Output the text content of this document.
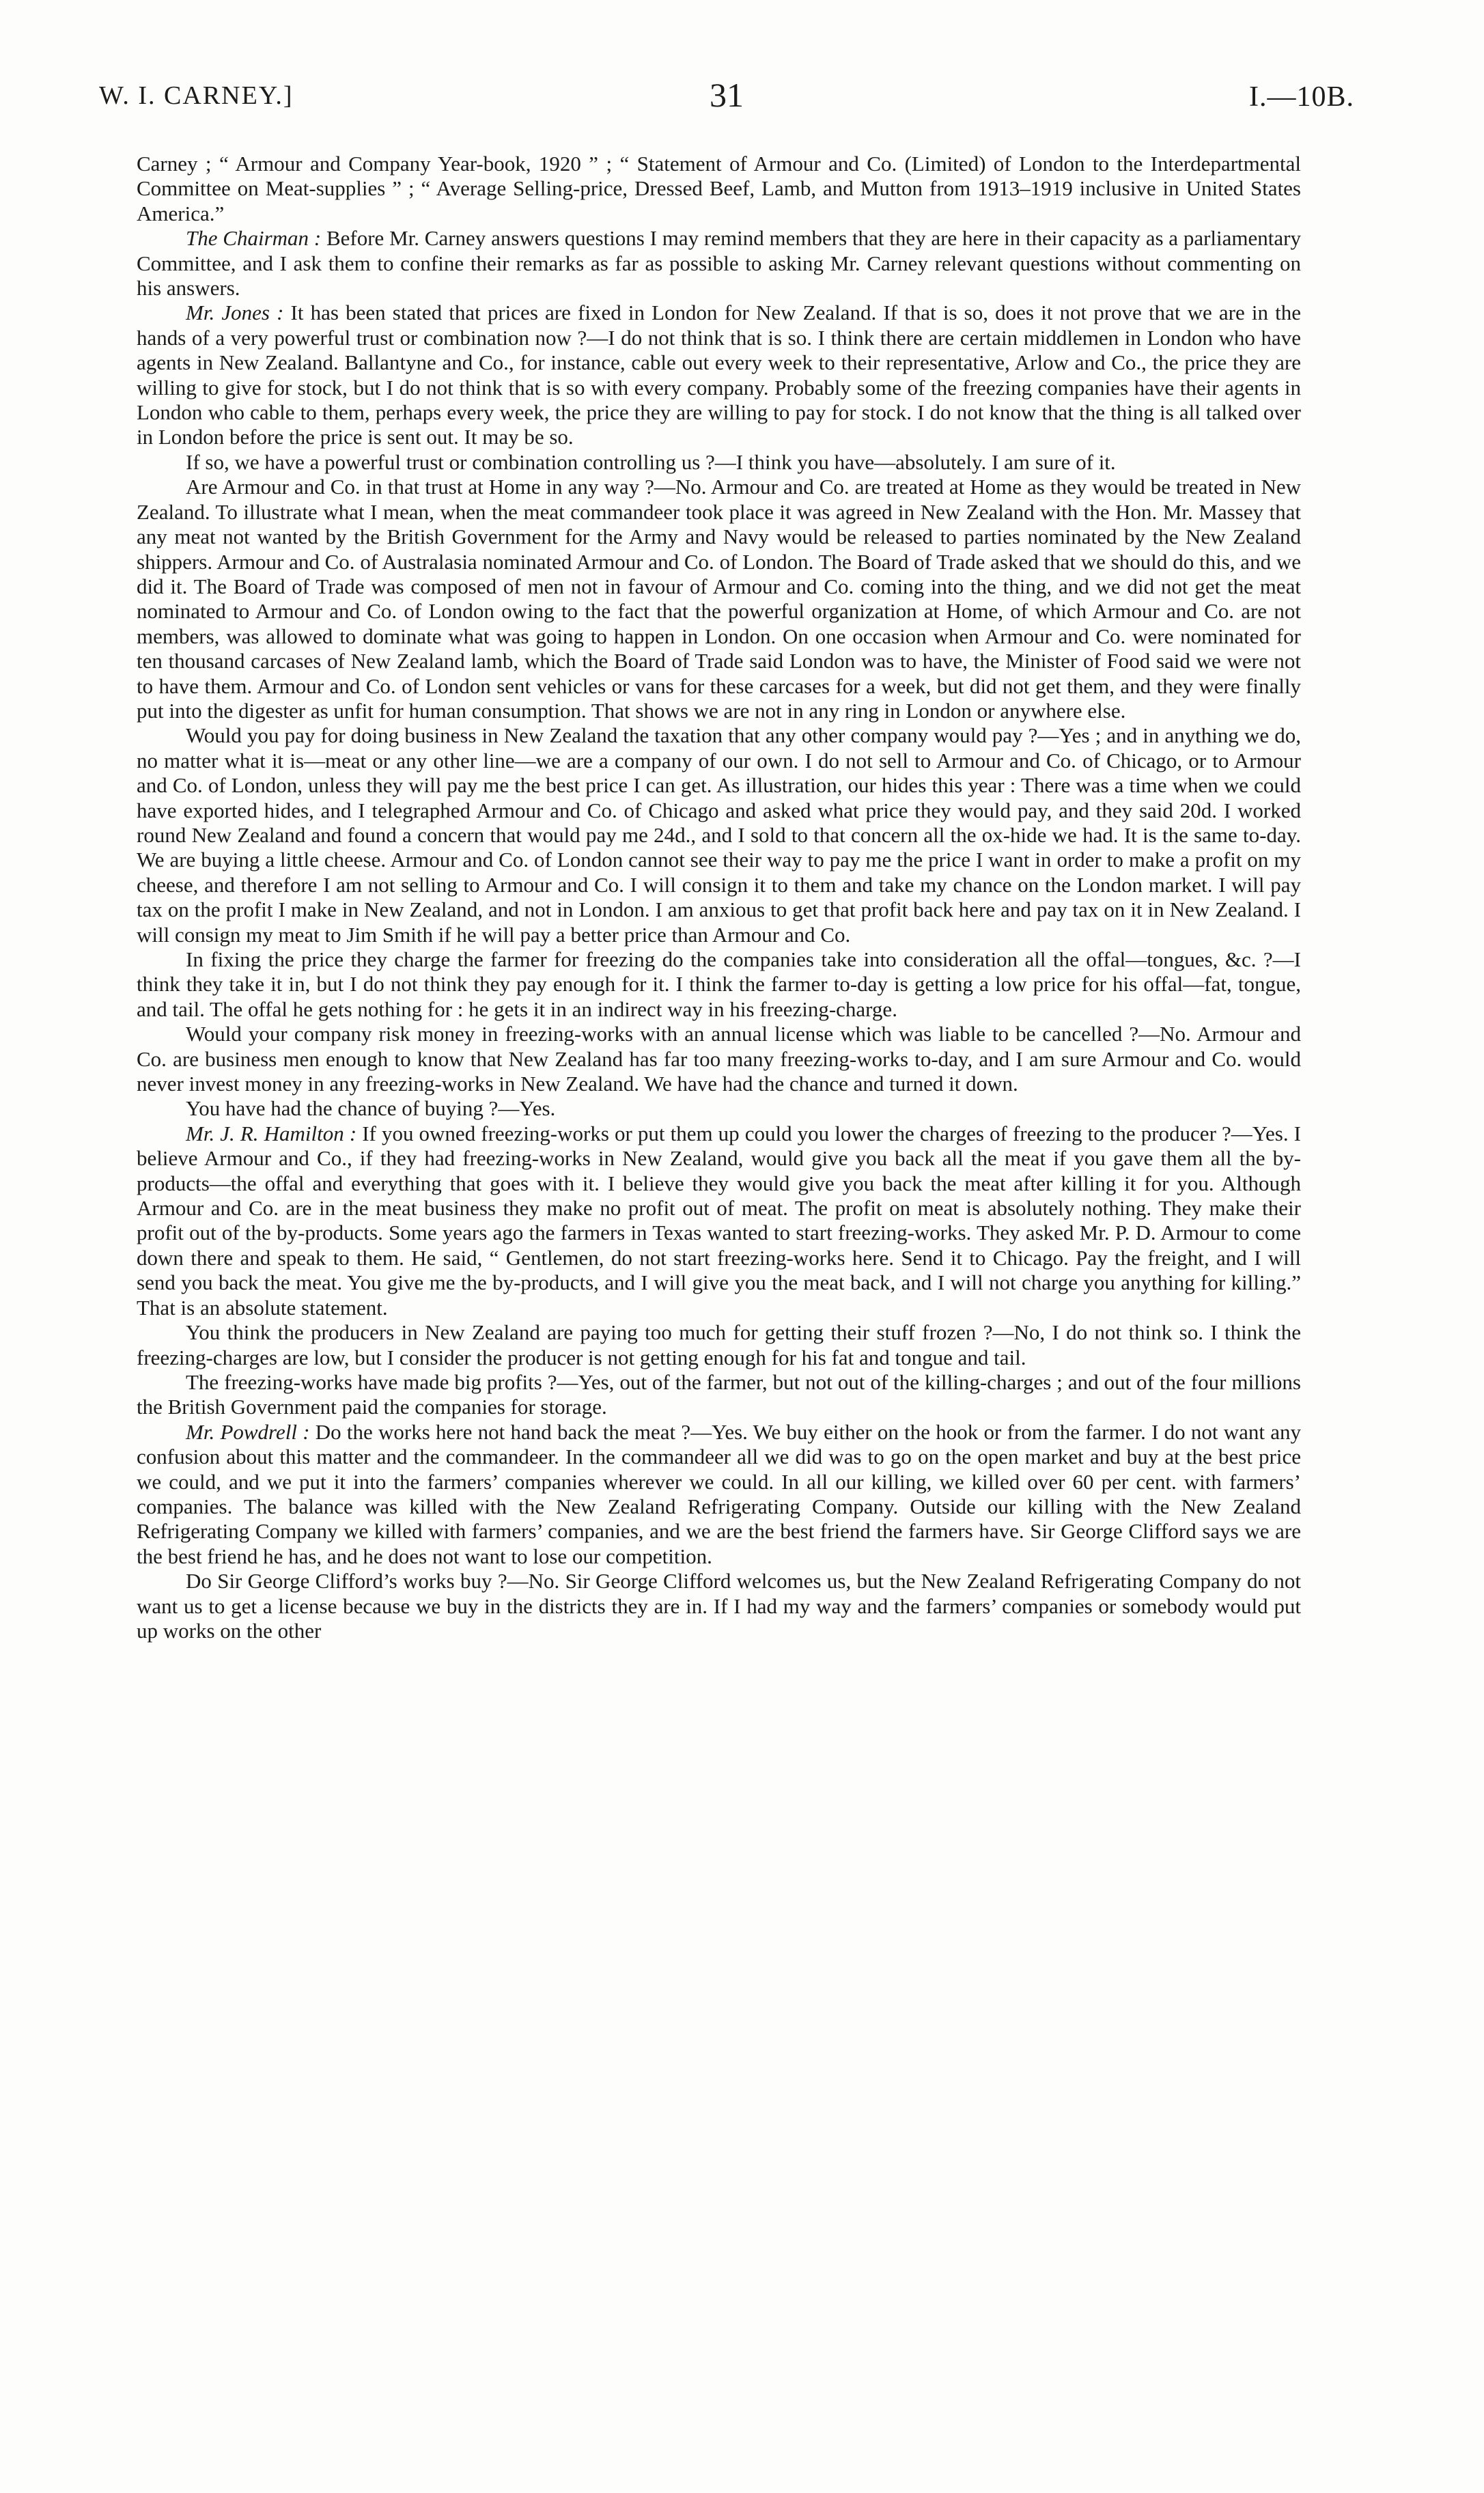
W. I. CARNEY.]	31	I.—10B.

Carney ; “ Armour and Company Year-book, 1920 ” ; “ Statement of Armour and Co. (Limited) of London to the Interdepartmental Committee on Meat-supplies ” ; “ Average Selling-price, Dressed Beef, Lamb, and Mutton from 1913–1919 inclusive in United States America.”

The Chairman : Before Mr. Carney answers questions I may remind members that they are here in their capacity as a parliamentary Committee, and I ask them to confine their remarks as far as possible to asking Mr. Carney relevant questions without commenting on his answers.

Mr. Jones : It has been stated that prices are fixed in London for New Zealand. If that is so, does it not prove that we are in the hands of a very powerful trust or combination now ?—I do not think that is so. I think there are certain middlemen in London who have agents in New Zealand. Ballantyne and Co., for instance, cable out every week to their representative, Arlow and Co., the price they are willing to give for stock, but I do not think that is so with every company. Probably some of the freezing companies have their agents in London who cable to them, perhaps every week, the price they are willing to pay for stock. I do not know that the thing is all talked over in London before the price is sent out. It may be so.

If so, we have a powerful trust or combination controlling us ?—I think you have—absolutely. I am sure of it.

Are Armour and Co. in that trust at Home in any way ?—No. Armour and Co. are treated at Home as they would be treated in New Zealand. To illustrate what I mean, when the meat commandeer took place it was agreed in New Zealand with the Hon. Mr. Massey that any meat not wanted by the British Government for the Army and Navy would be released to parties nominated by the New Zealand shippers. Armour and Co. of Australasia nominated Armour and Co. of London. The Board of Trade asked that we should do this, and we did it. The Board of Trade was composed of men not in favour of Armour and Co. coming into the thing, and we did not get the meat nominated to Armour and Co. of London owing to the fact that the powerful organization at Home, of which Armour and Co. are not members, was allowed to dominate what was going to happen in London. On one occasion when Armour and Co. were nominated for ten thousand carcases of New Zealand lamb, which the Board of Trade said London was to have, the Minister of Food said we were not to have them. Armour and Co. of London sent vehicles or vans for these carcases for a week, but did not get them, and they were finally put into the digester as unfit for human consumption. That shows we are not in any ring in London or anywhere else.

Would you pay for doing business in New Zealand the taxation that any other company would pay ?—Yes ; and in anything we do, no matter what it is—meat or any other line—we are a company of our own. I do not sell to Armour and Co. of Chicago, or to Armour and Co. of London, unless they will pay me the best price I can get. As illustration, our hides this year : There was a time when we could have exported hides, and I telegraphed Armour and Co. of Chicago and asked what price they would pay, and they said 20d. I worked round New Zealand and found a concern that would pay me 24d., and I sold to that concern all the ox-hide we had. It is the same to-day. We are buying a little cheese. Armour and Co. of London cannot see their way to pay me the price I want in order to make a profit on my cheese, and therefore I am not selling to Armour and Co. I will consign it to them and take my chance on the London market. I will pay tax on the profit I make in New Zealand, and not in London. I am anxious to get that profit back here and pay tax on it in New Zealand. I will consign my meat to Jim Smith if he will pay a better price than Armour and Co.

In fixing the price they charge the farmer for freezing do the companies take into consideration all the offal—tongues, &c. ?—I think they take it in, but I do not think they pay enough for it. I think the farmer to-day is getting a low price for his offal—fat, tongue, and tail. The offal he gets nothing for : he gets it in an indirect way in his freezing-charge.

Would your company risk money in freezing-works with an annual license which was liable to be cancelled ?—No. Armour and Co. are business men enough to know that New Zealand has far too many freezing-works to-day, and I am sure Armour and Co. would never invest money in any freezing-works in New Zealand. We have had the chance and turned it down.

You have had the chance of buying ?—Yes.

Mr. J. R. Hamilton : If you owned freezing-works or put them up could you lower the charges of freezing to the producer ?—Yes. I believe Armour and Co., if they had freezing-works in New Zealand, would give you back all the meat if you gave them all the by-products—the offal and everything that goes with it. I believe they would give you back the meat after killing it for you. Although Armour and Co. are in the meat business they make no profit out of meat. The profit on meat is absolutely nothing. They make their profit out of the by-products. Some years ago the farmers in Texas wanted to start freezing-works. They asked Mr. P. D. Armour to come down there and speak to them. He said, “ Gentlemen, do not start freezing-works here. Send it to Chicago. Pay the freight, and I will send you back the meat. You give me the by-products, and I will give you the meat back, and I will not charge you anything for killing.” That is an absolute statement.

You think the producers in New Zealand are paying too much for getting their stuff frozen ?—No, I do not think so. I think the freezing-charges are low, but I consider the producer is not getting enough for his fat and tongue and tail.

The freezing-works have made big profits ?—Yes, out of the farmer, but not out of the killing-charges ; and out of the four millions the British Government paid the companies for storage.

Mr. Powdrell : Do the works here not hand back the meat ?—Yes. We buy either on the hook or from the farmer. I do not want any confusion about this matter and the commandeer. In the commandeer all we did was to go on the open market and buy at the best price we could, and we put it into the farmers’ companies wherever we could. In all our killing, we killed over 60 per cent. with farmers’ companies. The balance was killed with the New Zealand Refrigerating Company. Outside our killing with the New Zealand Refrigerating Company we killed with farmers’ companies, and we are the best friend the farmers have. Sir George Clifford says we are the best friend he has, and he does not want to lose our competition.

Do Sir George Clifford’s works buy ?—No. Sir George Clifford welcomes us, but the New Zealand Refrigerating Company do not want us to get a license because we buy in the districts they are in. If I had my way and the farmers’ companies or somebody would put up works on the other
